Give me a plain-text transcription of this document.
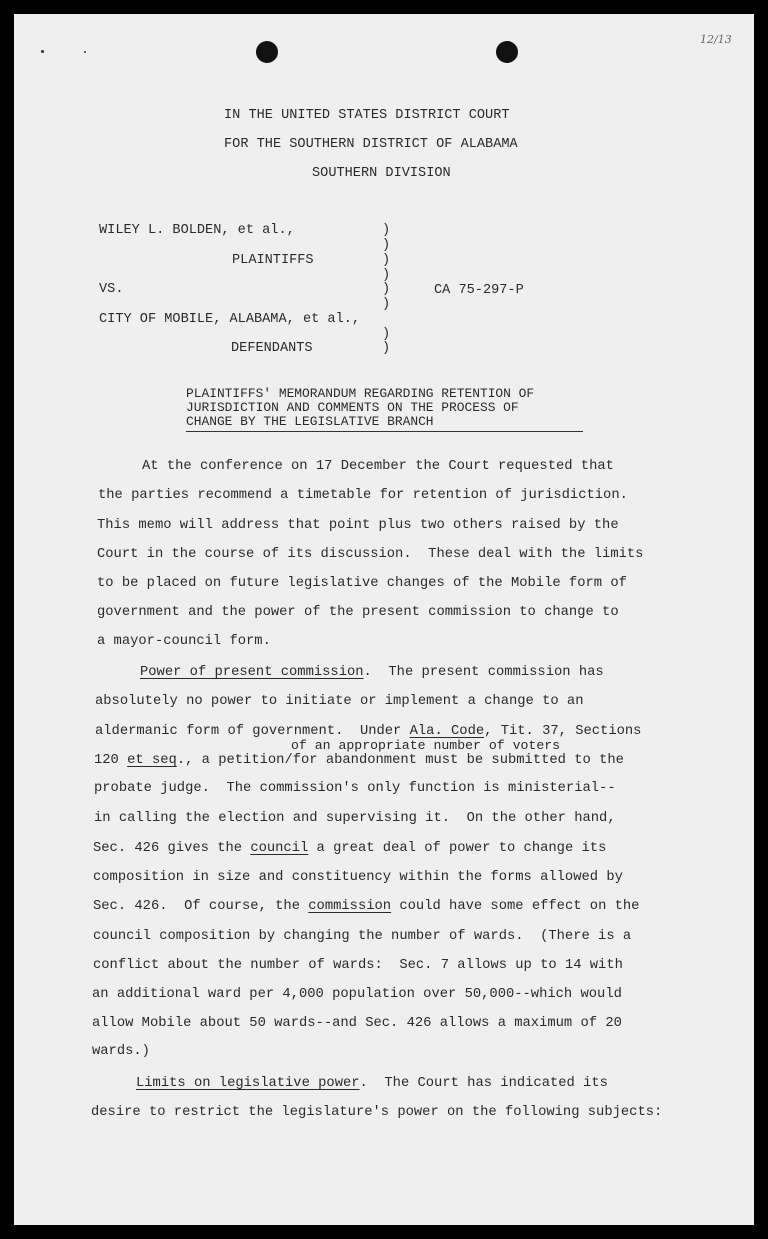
12/13
IN THE UNITED STATES DISTRICT COURT
FOR THE SOUTHERN DISTRICT OF ALABAMA
SOUTHERN DIVISION
WILEY L. BOLDEN, et al.,
PLAINTIFFS
VS.
CITY OF MOBILE, ALABAMA, et al.,
DEFENDANTS
CA 75-297-P
)
)
)
)
)
)
)
)
PLAINTIFFS' MEMORANDUM REGARDING RETENTION OF
JURISDICTION AND COMMENTS ON THE PROCESS OF
CHANGE BY THE LEGISLATIVE BRANCH
At the conference on 17 December the Court requested that
the parties recommend a timetable for retention of jurisdiction.
This memo will address that point plus two others raised by the
Court in the course of its discussion.  These deal with the limits
to be placed on future legislative changes of the Mobile form of
government and the power of the present commission to change to
a mayor-council form.
Power of present commission.  The present commission has
absolutely no power to initiate or implement a change to an
aldermanic form of government.  Under Ala. Code, Tit. 37, Sections
of an appropriate number of voters
120 et seq., a petition/for abandonment must be submitted to the
probate judge.  The commission's only function is ministerial--
in calling the election and supervising it.  On the other hand,
Sec. 426 gives the council a great deal of power to change its
composition in size and constituency within the forms allowed by
Sec. 426.  Of course, the commission could have some effect on the
council composition by changing the number of wards.  (There is a
conflict about the number of wards:  Sec. 7 allows up to 14 with
an additional ward per 4,000 population over 50,000--which would
allow Mobile about 50 wards--and Sec. 426 allows a maximum of 20
wards.)
Limits on legislative power.  The Court has indicated its
desire to restrict the legislature's power on the following subjects:
